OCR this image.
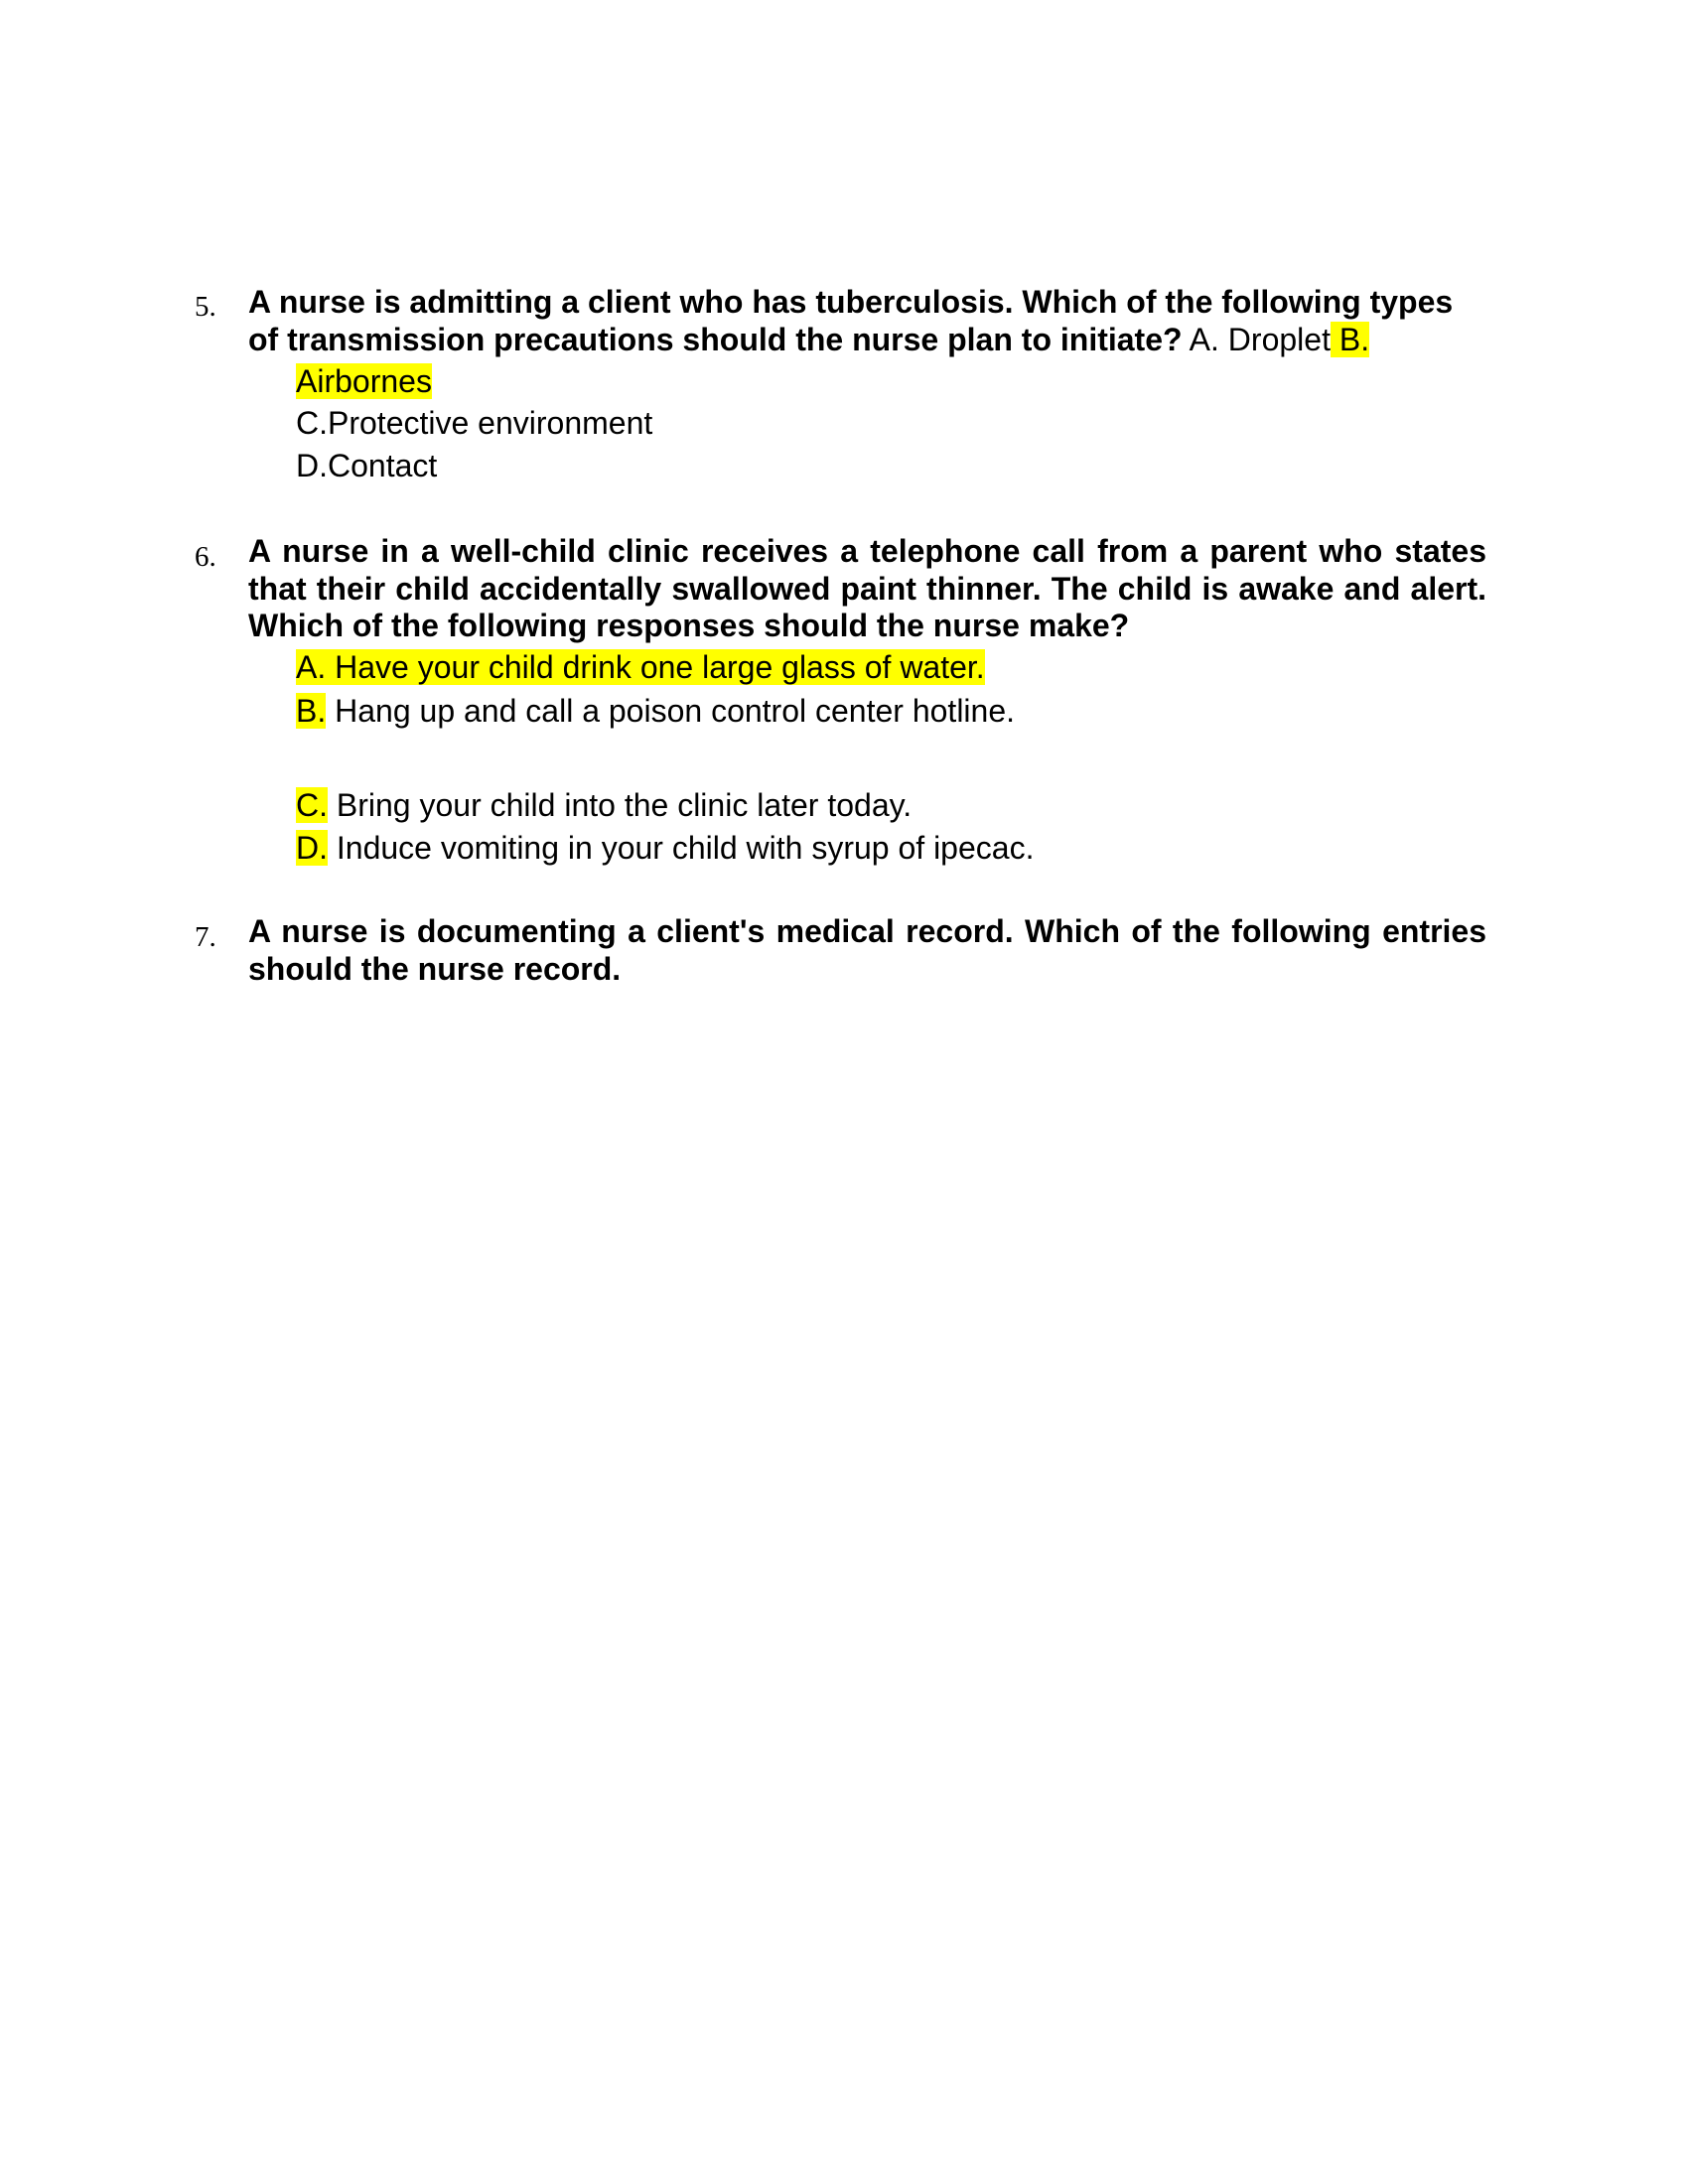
5. A nurse is admitting a client who has tuberculosis. Which of the following types of transmission precautions should the nurse plan to initiate? A. Droplet B.
Airbornes
C.Protective environment
D.Contact
6. A nurse in a well-child clinic receives a telephone call from a parent who states that their child accidentally swallowed paint thinner. The child is awake and alert. Which of the following responses should the nurse make?
A. Have your child drink one large glass of water.
B. Hang up and call a poison control center hotline.
C. Bring your child into the clinic later today.
D. Induce vomiting in your child with syrup of ipecac.
7. A nurse is documenting a client's medical record. Which of the following entries should the nurse record.
